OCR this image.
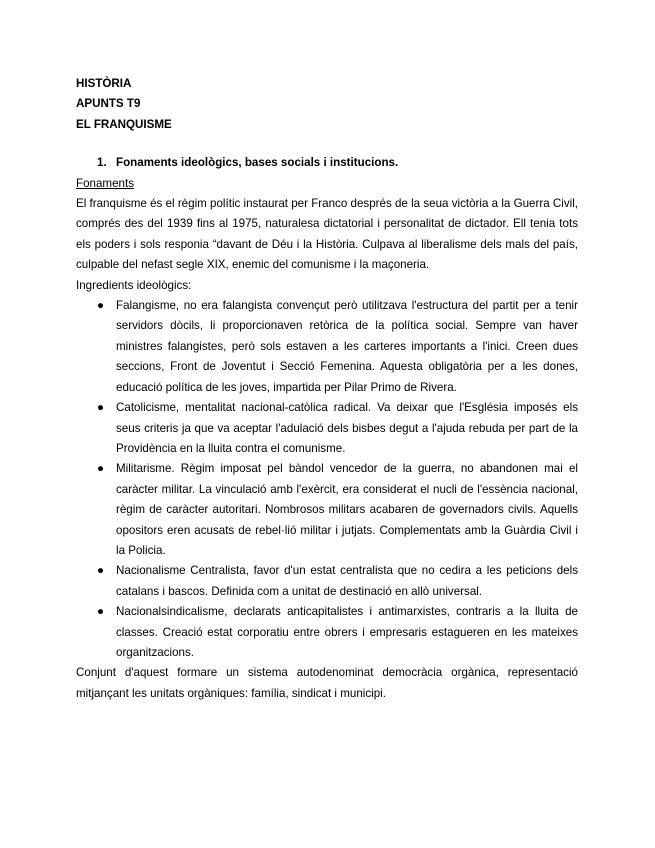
HISTÒRIA

APUNTS T9

EL FRANQUISME

1. Fonaments ideològics, bases socials i institucions.

Fonaments

El franquisme és el règim polític instaurat per Franco després de la seua victòria a la Guerra Civil, comprés des del 1939 fins al 1975, naturalesa dictatorial i personalitat de dictador. Ell tenia tots els poders i sols responia “davant de Déu i la Història. Culpava al liberalisme dels mals del país, culpable del nefast segle XIX, enemic del comunisme i la maçoneria.

Ingredients ideològics:

● Falangisme, no era falangista convençut però utilitzava l'estructura del partit per a tenir servidors dòcils, li proporcionaven retòrica de la política social. Sempre van haver ministres falangistes, però sols estaven a les carteres importants a l'inici. Creen dues seccions, Front de Joventut i Secció Femenina. Aquesta obligatòria per a les dones, educació política de les joves, impartida per Pilar Primo de Rivera.
● Catolicisme, mentalitat nacional-catòlica radical. Va deixar que l'Església imposés els seus criteris ja que va aceptar l'adulació dels bisbes degut a l'ajuda rebuda per part de la Providència en la lluita contra el comunisme.
● Militarisme. Règim imposat pel bàndol vencedor de la guerra, no abandonen mai el caràcter militar. La vinculació amb l'exèrcit, era considerat el nucli de l'essència nacional, règim de caràcter autoritari. Nombrosos militars acabaren de governadors civils. Aquells opositors eren acusats de rebel·lió militar i jutjats. Complementats amb la Guàrdia Civil i la Policia.
● Nacionalisme Centralista, favor d'un estat centralista que no cedira a les peticions dels catalans i bascos. Definida com a unitat de destinació en allò universal.
● Nacionalsindicalisme, declarats anticapitalistes i antimarxistes, contraris a la lluita de classes. Creació estat corporatiu entre obrers i empresaris estagueren en les mateixes organitzacions.

Conjunt d'aquest formare un sistema autodenominat democràcia orgànica, representació mitjançant les unitats orgàniques: família, sindicat i municipi.
